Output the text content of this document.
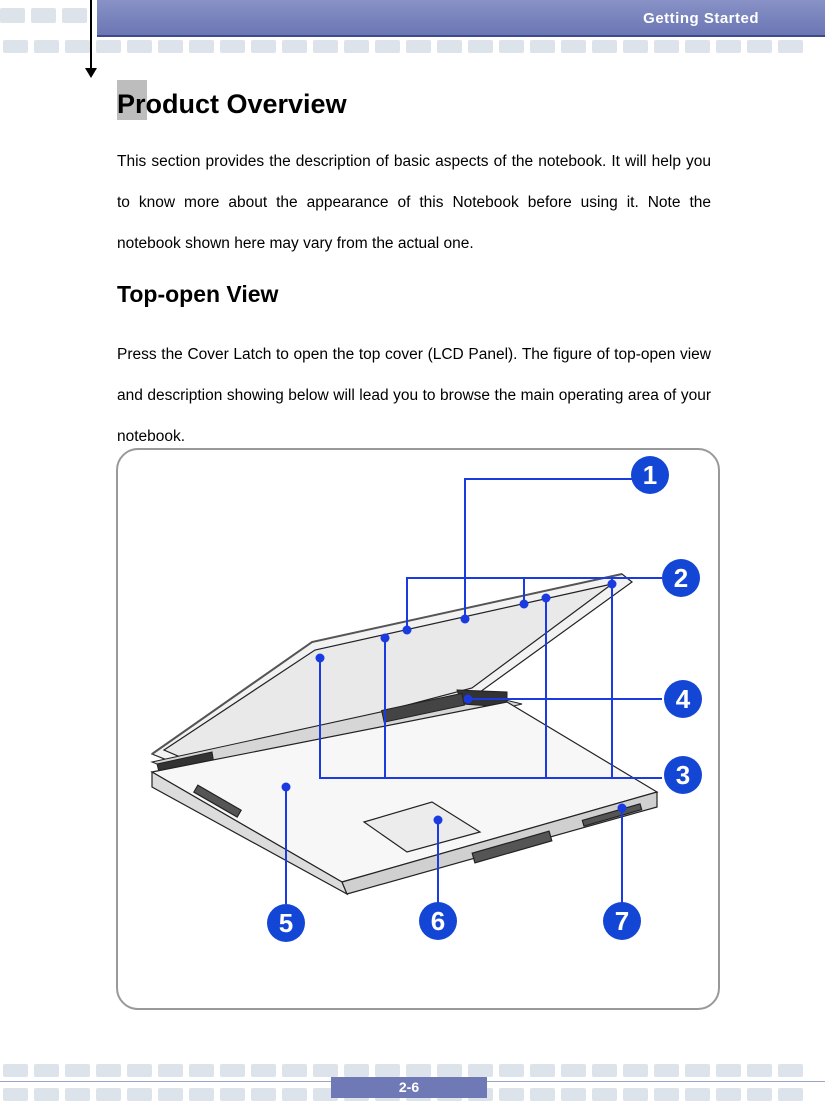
Getting Started
Product Overview

This section provides the description of basic aspects of the notebook. It will help you to know more about the appearance of this Notebook before using it. Note the notebook shown here may vary from the actual one.

Top-open View

Press the Cover Latch to open the top cover (LCD Panel). The figure of top-open view and description showing below will lead you to browse the main operating area of your notebook.

1
2
3
4
5	6	7
2-6
